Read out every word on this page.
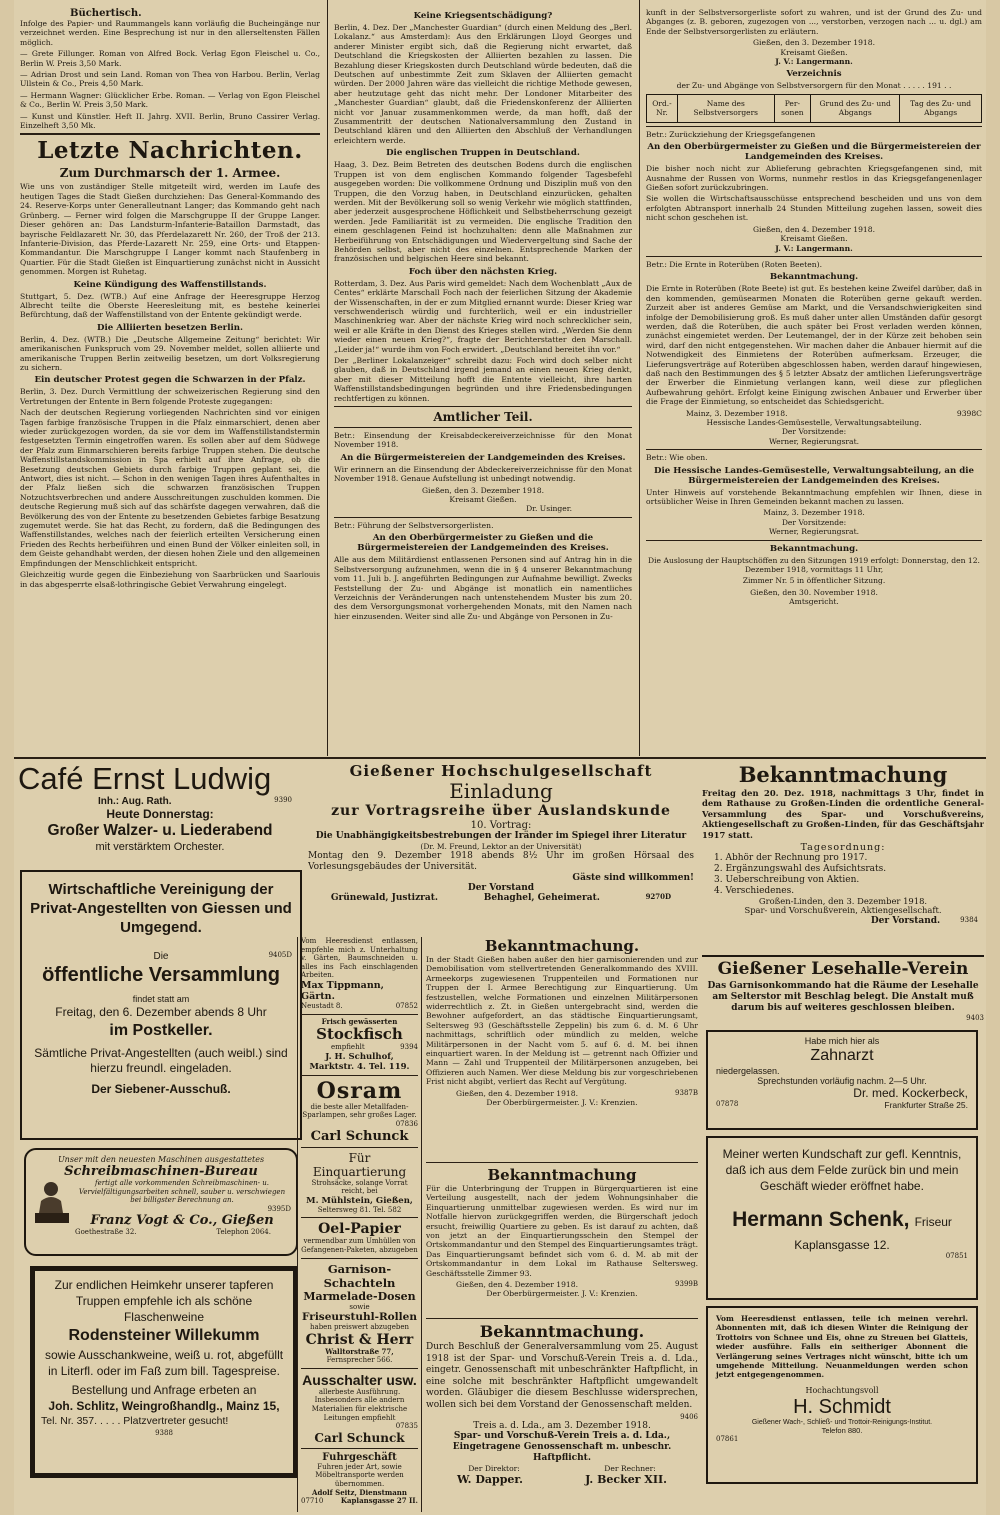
Büchertisch.
Infolge des Papier- und Raummangels kann vorläufig die Bucheingänge nur verzeichnet werden. Eine Besprechung ist nur in den allerseltensten Fällen möglich.
— Grete Fillunger. Roman von Alfred Bock. Verlag Egon Fleischel u. Co., Berlin W. Preis 3,50 Mark.
— Adrian Drost und sein Land. Roman von Thea von Harbou. Berlin, Verlag Ullstein & Co., Preis 4,50 Mark.
— Hermann Wagner: Glücklicher Erbe. Roman. — Verlag von Egon Fleischel & Co., Berlin W. Preis 3,50 Mark.
— Kunst und Künstler. Heft II. Jahrg. XVII. Berlin, Bruno Cassirer Verlag. Einzelheft 3,50 Mk.
Letzte Nachrichten.
Zum Durchmarsch der 1. Armee.
Wie uns von zuständiger Stelle mitgeteilt wird, werden im Laufe des heutigen Tages die Stadt Gießen durchziehen: Das General-Kommando des 24. Reserve-Korps unter Generalleutnant Langer; das Kommando geht nach Grünberg. — Ferner wird folgen die Marschgruppe II der Gruppe Langer. Dieser gehören an: Das Landsturm-Infanterie-Bataillon Darmstadt, das bayrische Feldlazarett Nr. 30, das Pferdelazarett Nr. 260, der Troß der 213. Infanterie-Division, das Pferde-Lazarett Nr. 259, eine Orts- und Etappen-Kommandantur. Die Marschgruppe I Langer kommt nach Staufenberg in Quartier. Für die Stadt Gießen ist Einquartierung zunächst nicht in Aussicht genommen. Morgen ist Ruhetag.
Keine Kündigung des Waffenstillstands.
Stuttgart, 5. Dez. (WTB.) Auf eine Anfrage der Heeresgruppe Herzog Albrecht teilte die Oberste Heeresleitung mit, es bestehe keinerlei Befürchtung, daß der Waffenstillstand von der Entente gekündigt werde.
Die Alliierten besetzen Berlin.
Berlin, 4. Dez. (WTB.) Die „Deutsche Allgemeine Zeitung“ berichtet: Wir amerikanischen Funkspruch vom 29. November meldet, sollen alliierte und amerikanische Truppen Berlin zeitweilig besetzen, um dort Volksregierung zu sichern.
Ein deutscher Protest gegen die Schwarzen in der Pfalz.
Berlin, 3. Dez. Durch Vermittlung der schweizerischen Regierung sind den Vertretungen der Entente in Bern folgende Proteste zugegangen:
Nach der deutschen Regierung vorliegenden Nachrichten sind vor einigen Tagen farbige französische Truppen in die Pfalz einmarschiert, denen aber wieder zurückgezogen worden, da sie vor dem im Waffenstillstandstermin festgesetzten Termin eingetroffen waren. Es sollen aber auf dem Südwege der Pfalz zum Einmarschieren bereits farbige Truppen stehen. Die deutsche Waffenstillstandskommission in Spa erhielt auf ihre Anfrage, ob die Besetzung deutschen Gebiets durch farbige Truppen geplant sei, die Antwort, dies ist nicht. — Schon in den wenigen Tagen ihres Aufenthaltes in der Pfalz ließen sich die schwarzen französischen Truppen Notzuchtsverbrechen und andere Ausschreitungen zuschulden kommen. Die deutsche Regierung muß sich auf das schärfste dagegen verwahren, daß die Bevölkerung des von der Entente zu besetzenden Gebietes farbige Besatzung zugemutet werde. Sie hat das Recht, zu fordern, daß die Bedingungen des Waffenstillstandes, welches nach der feierlich erteilten Versicherung einen Frieden des Rechts herbeiführen und einen Bund der Völker einleiten soll, in dem Geiste gehandhabt werden, der diesen hohen Ziele und den allgemeinen Empfindungen der Menschlichkeit entspricht.
Gleichzeitig wurde gegen die Einbeziehung von Saarbrücken und Saarlouis in das abgesperrte elsaß-lothringische Gebiet Verwahrung eingelegt.
Keine Kriegsentschädigung?
Berlin, 4. Dez. Der „Manchester Guardian“ (durch einen Meldung des „Berl. Lokalanz.“ aus Amsterdam): Aus den Erklärungen Lloyd Georges und anderer Minister ergibt sich, daß die Regierung nicht erwartet, daß Deutschland die Kriegskosten der Alliierten bezahlen zu lassen. Die Bezahlung dieser Kriegskosten durch Deutschland würde bedeuten, daß die Deutschen auf unbestimmte Zeit zum Sklaven der Alliierten gemacht würden. Der 2000 Jahren wäre das vielleicht die richtige Methode gewesen, aber heutzutage geht das nicht mehr. Der Londoner Mitarbeiter des „Manchester Guardian“ glaubt, daß die Friedenskonferenz der Alliierten nicht vor Januar zusammenkommen werde, da man hofft, daß der Zusammentritt der deutschen Nationalversammlung den Zustand in Deutschland klären und den Alliierten den Abschluß der Verhandlungen erleichtern werde.
Die englischen Truppen in Deutschland.
Haag, 3. Dez. Beim Betreten des deutschen Bodens durch die englischen Truppen ist von dem englischen Kommando folgender Tagesbefehl ausgegeben worden: Die vollkommene Ordnung und Disziplin muß von den Truppen, die den Vorzug haben, in Deutschland einzurücken, gehalten werden. Mit der Bevölkerung soll so wenig Verkehr wie möglich stattfinden, aber jederzeit ausgesprochene Höflichkeit und Selbstbeherrschung gezeigt werden. Jede Familiarität ist zu vermeiden. Die englische Tradition den einem geschlagenen Feind ist hochzuhalten: denn alle Maßnahmen zur Herbeiführung von Entschädigungen und Wiedervergeltung sind Sache der Behörden selbst, aber nicht des einzelnen. Entsprechende Marken der französischen und belgischen Heere sind bekannt.
Foch über den nächsten Krieg.
Rotterdam, 3. Dez. Aus Paris wird gemeldet: Nach dem Wochenblatt „Aux de Centes“ erklärte Marschall Foch nach der feierlichen Sitzung der Akademie der Wissenschaften, in der er zum Mitglied ernannt wurde: Dieser Krieg war verschwenderisch würdig und furchterlich, weil er ein industrieller Maschinenkrieg war. Aber der nächste Krieg wird noch schrecklicher sein, weil er alle Kräfte in den Dienst des Krieges stellen wird. „Werden Sie denn wieder einen neuen Krieg?“, fragte der Berichterstatter den Marschall. „Leider ja!“ wurde ihm von Foch erwidert. „Deutschland bereitet ihn vor.“
Der „Berliner Lokalanzeiger“ schreibt dazu: Foch wird doch selber nicht glauben, daß in Deutschland irgend jemand an einen neuen Krieg denkt, aber mit dieser Mitteilung hofft die Entente vielleicht, ihre harten Waffenstillstandsbedingungen begründen und ihre Friedensbedingungen rechtfertigen zu können.
Amtlicher Teil.
Betr.: Einsendung der Kreisabdeckereiverzeichnisse für den Monat November 1918.
An die Bürgermeistereien der Landgemeinden des Kreises.
Wir erinnern an die Einsendung der Abdeckereiverzeichnisse für den Monat November 1918. Genaue Aufstellung ist unbedingt notwendig.
Gießen, den 3. Dezember 1918.
Kreisamt Gießen.
Dr. Usinger.
Betr.: Führung der Selbstversorgerlisten.
An den Oberbürgermeister zu Gießen und die Bürgermeistereien der Landgemeinden des Kreises.
Alle aus dem Militärdienst entlassenen Personen sind auf Antrag hin in die Selbstversorgung aufzunehmen, wenn die in § 4 unserer Bekanntmachung vom 11. Juli b. J. angeführten Bedingungen zur Aufnahme bewilligt. Zwecks Feststellung der Zu- und Abgänge ist monatlich ein namentliches Verzeichnis der Veränderungen nach untenstehendem Muster bis zum 20. des dem Versorgungsmonat vorhergehenden Monats, mit den Namen nach hier einzusenden. Weiter sind alle Zu- und Abgänge von Personen in Zu-
kunft in der Selbstversorgerliste sofort zu wahren, und ist der Grund des Zu- und Abganges (z. B. geboren, zugezogen von ..., verstorben, verzogen nach ... u. dgl.) am Ende der Selbstversorgerlisten zu erläutern.
Gießen, den 3. Dezember 1918.
Kreisamt Gießen.
J. V.: Langermann.
Verzeichnis
der Zu- und Abgänge von Selbstversorgern für den Monat . . . . . 191 . .
Ord.-Nr.	Name des Selbstversorgers	Per-sonen	Grund des Zu- und Abgangs	Tag des Zu- und Abgangs
Betr.: Zurückziehung der Kriegsgefangenen
An den Oberbürgermeister zu Gießen und die Bürgermeistereien der Landgemeinden des Kreises.
Die bisher noch nicht zur Ablieferung gebrachten Kriegsgefangenen sind, mit Ausnahme der Russen von Worms, nunmehr restlos in das Kriegsgefangenenlager Gießen sofort zurückzubringen.
Sie wollen die Wirtschaftsausschüsse entsprechend bescheiden und uns von dem erfolgten Abtransport innerhalb 24 Stunden Mitteilung zugehen lassen, soweit dies nicht schon geschehen ist.
Gießen, den 4. Dezember 1918.
Kreisamt Gießen.
J. V.: Langermann.
Betr.: Die Ernte in Roterüben (Roten Beeten).
Bekanntmachung.
Die Ernte in Roterüben (Rote Beete) ist gut. Es bestehen keine Zweifel darüber, daß in den kommenden, gemüsearmen Monaten die Roterüben gerne gekauft werden. Zurzeit aber ist anderes Gemüse am Markt, und die Versandschwierigkeiten sind infolge der Demobilisierung groß. Es muß daher unter allen Umständen dafür gesorgt werden, daß die Roterüben, die auch später bei Frost verladen werden können, zunächst eingemietet werden. Der Leutemangel, der in der Kürze zeit behoben sein wird, darf den nicht entgegenstehen. Wir machen daher die Anbauer hiermit auf die Notwendigkeit des Einmietens der Roterüben aufmerksam. Erzeuger, die Lieferungsverträge auf Roterüben abgeschlossen haben, werden darauf hingewiesen, daß nach den Bestimmungen des § 5 letzter Absatz der amtlichen Lieferungsverträge der Erwerber die Einmietung verlangen kann, weil diese zur pfleglichen Aufbewahrung gehört. Erfolgt keine Einigung zwischen Anbauer und Erwerber über die Frage der Einmietung, so entscheidet das Schiedsgericht.
Mainz, 3. Dezember 1918.	9398C
Hessische Landes-Gemüsestelle, Verwaltungsabteilung.
Der Vorsitzende:
Werner, Regierungsrat.
Betr.: Wie oben.
Die Hessische Landes-Gemüsestelle, Verwaltungsabteilung, an die Bürgermeistereien der Landgemeinden des Kreises.
Unter Hinweis auf vorstehende Bekanntmachung empfehlen wir Ihnen, diese in ortsüblicher Weise in Ihren Gemeinden bekannt machen zu lassen.
Mainz, 3. Dezember 1918.
Der Vorsitzende:
Werner, Regierungsrat.
Bekanntmachung.
Die Auslosung der Hauptschöffen zu den Sitzungen 1919 erfolgt: Donnerstag, den 12. Dezember 1918, vormittags 11 Uhr,
Zimmer Nr. 5 in öffentlicher Sitzung.
Gießen, den 30. November 1918.
Amtsgericht.
Café Ernst Ludwig
Inh.: Aug. Rath.	9390
Heute Donnerstag:
Großer Walzer- u. Liederabend
mit verstärktem Orchester.
Wirtschaftliche Vereinigung der Privat-Angestellten von Giessen und Umgegend.
Die	9405D
öffentliche Versammlung
findet statt am
Freitag, den 6. Dezember abends 8 Uhr
im Postkeller.
Sämtliche Privat-Angestellten (auch weibl.) sind hierzu freundl. eingeladen.
Der Siebener-Ausschuß.
Unser mit den neuesten Maschinen ausgestattetes
Schreibmaschinen-Bureau
fertigt alle vorkommenden Schreibmaschinen- u. Vervielfältigungsarbeiten schnell, sauber u. verschwiegen bei billigster Berechnung an.
9395D
Franz Vogt & Co., Gießen
Goethestraße 32.	Telephon 2064.
Zur endlichen Heimkehr unserer tapferen Truppen empfehle ich als schöne Flaschenweine
Rodensteiner Willekumm
sowie Ausschankweine, weiß u. rot, abgefüllt in Literfl. oder im Faß zum bill. Tagespreise.
Bestellung und Anfrage erbeten an
Joh. Schlitz, Weingroßhandlg., Mainz 15,
Tel. Nr. 357. . . . . Platzvertreter gesucht!
9388
Gießener Hochschulgesellschaft
Einladung
zur Vortragsreihe über Auslandskunde
10. Vortrag:
Die Unabhängigkeitsbestrebungen der Iränder im Spiegel ihrer Literatur
(Dr. M. Freund, Lektor an der Universität)
Montag den 9. Dezember 1918 abends 8½ Uhr im großen Hörsaal des Vorlesungsgebäudes der Universität.
Gäste sind willkommen!
Der Vorstand
Grünewald, Justizrat.	Behaghel, Geheimerat.	9270D
Vom Heeresdienst entlassen, empfehle mich z. Unterhaltung v. Gärten, Baumschneiden u. alles ins Fach einschlagenden Arbeiten.
Max Tippmann, Gärtn.
Neustadt 8.	07852
Frisch gewässerten
Stockfisch
empfiehlt	9394
J. H. Schulhof,
Marktstr. 4. Tel. 119.
Osram
die beste aller Metallfaden-Sparlampen, sehr großes Lager.
07836
Carl Schunck
Für Einquartierung
Strohsäcke, solange Vorrat reicht, bei
M. Mühlstein, Gießen,
Seltersweg 81. Tel. 582
Oel-Papier
vermendbar zum Umhüllen von Gefangenen-Paketen, abzugeben
Garnison-Schachteln
Marmelade-Dosen
sowie
Friseurstuhl-Rollen
haben preiswert abzugeben
Christ & Herr
Walltorstraße 77,
Fernsprecher 566.
Ausschalter usw.
allerbeste Ausführung. Insbesonders alle andern Materialien für elektrische Leitungen empfiehlt
07835
Carl Schunck
Fuhrgeschäft
Fuhren jeder Art, sowie Möbeltransporte werden übernommen.
Adolf Seitz, Dienstmann
07710	Kaplansgasse 27 II.
Bekanntmachung.
In der Stadt Gießen haben außer den hier garnisonierenden und zur Demobilisation vom stellvertretenden Generalkommando des XVIII. Armeekorps zugewiesenen Truppenteilen und Formationen nur Truppen der I. Armee Berechtigung zur Einquartierung. Um festzustellen, welche Formationen und einzelnen Militärpersonen widerrechtlich z. Zt. in Gießen untergebracht sind, werden die Bewohner aufgefordert, an das städtische Einquartierungsamt, Seltersweg 93 (Geschäftsstelle Zeppelin) bis zum 6. d. M. 6 Uhr nachmittags, schriftlich oder mündlich zu melden, welche Militärpersonen in der Nacht vom 5. auf 6. d. M. bei ihnen einquartiert waren. In der Meldung ist — getrennt nach Offizier und Mann — Zahl und Truppenteil der Militärpersonen anzugeben, bei Offizieren auch Namen. Wer diese Meldung bis zur vorgeschriebenen Frist nicht abgibt, verliert das Recht auf Vergütung.
Gießen, den 4. Dezember 1918.	9387B
Der Oberbürgermeister. J. V.: Krenzien.
Bekanntmachung
Für die Unterbringung der Truppen in Bürgerquartieren ist eine Verteilung ausgestellt, nach der jedem Wohnungsinhaber die Einquartierung unmittelbar zugewiesen werden. Es wird nur im Notfalle hiervon zurückgegriffen werden, die Bürgerschaft jedoch ersucht, freiwillig Quartiere zu geben. Es ist darauf zu achten, daß von jetzt an der Einquartierungsschein den Stempel der Ortskommandantur und den Stempel des Einquartierungsamtes trägt. Das Einquartierungsamt befindet sich vom 6. d. M. ab mit der Ortskommandantur in dem Lokal im Rathause Seltersweg. Geschäftsstelle Zimmer 93.
Gießen, den 4. Dezember 1918.	9399B
Der Oberbürgermeister. J. V.: Krenzien.
Bekanntmachung.
Durch Beschluß der Generalversammlung vom 25. August 1918 ist der Spar- und Vorschuß-Verein Treis a. d. Lda., eingetr. Genossenschaft mit unbeschränkter Haftpflicht, in eine solche mit beschränkter Haftpflicht umgewandelt worden. Gläubiger die diesem Beschlusse widersprechen, wollen sich bei dem Vorstand der Genossenschaft melden.
9406
Treis a. d. Lda., am 3. Dezember 1918.
Spar- und Vorschuß-Verein Treis a. d. Lda., Eingetragene Genossenschaft m. unbeschr. Haftpflicht.
Der Direktor:	Der Rechner:
W. Dapper.	J. Becker XII.
Bekanntmachung
Freitag den 20. Dez. 1918, nachmittags 3 Uhr, findet in dem Rathause zu Großen-Linden die ordentliche General-Versammlung des Spar- und Vorschußvereins, Aktiengesellschaft zu Großen-Linden, für das Geschäftsjahr 1917 statt.
Tagesordnung:
1. Abhör der Rechnung pro 1917.
2. Ergänzungswahl des Aufsichtsrats.
3. Ueberschreibung von Aktien.
4. Verschiedenes.
Großen-Linden, den 3. Dezember 1918.
Spar- und Vorschußverein, Aktiengesellschaft.
Der Vorstand.	9384
Gießener Lesehalle-Verein
Das Garnisonkommando hat die Räume der Lesehalle am Selterstor mit Beschlag belegt. Die Anstalt muß darum bis auf weiteres geschlossen bleiben.
9403
Habe mich hier als
Zahnarzt
niedergelassen.
Sprechstunden vorläufig nachm. 2—5 Uhr.
Dr. med. Kockerbeck,
07878	Frankfurter Straße 25.
Meiner werten Kundschaft zur gefl. Kenntnis, daß ich aus dem Felde zurück bin und mein Geschäft wieder eröffnet habe.
Hermann Schenk, Friseur
Kaplansgasse 12.
07851
Vom Heeresdienst entlassen, teile ich meinen verehrl. Abonnenten mit, daß ich diesen Winter die Reinigung der Trottoirs von Schnee und Eis, ohne zu Streuen bei Glatteis, wieder ausführe. Falls ein seitheriger Abonnent die Verlängerung seines Vertrages nicht wünscht, bitte ich um umgehende Mitteilung. Neuanmeldungen werden schon jetzt entgegengenommen.
Hochachtungsvoll
H. Schmidt
Gießener Wach-, Schließ- und Trottoir-Reinigungs-Institut.
Telefon 880.
07861
